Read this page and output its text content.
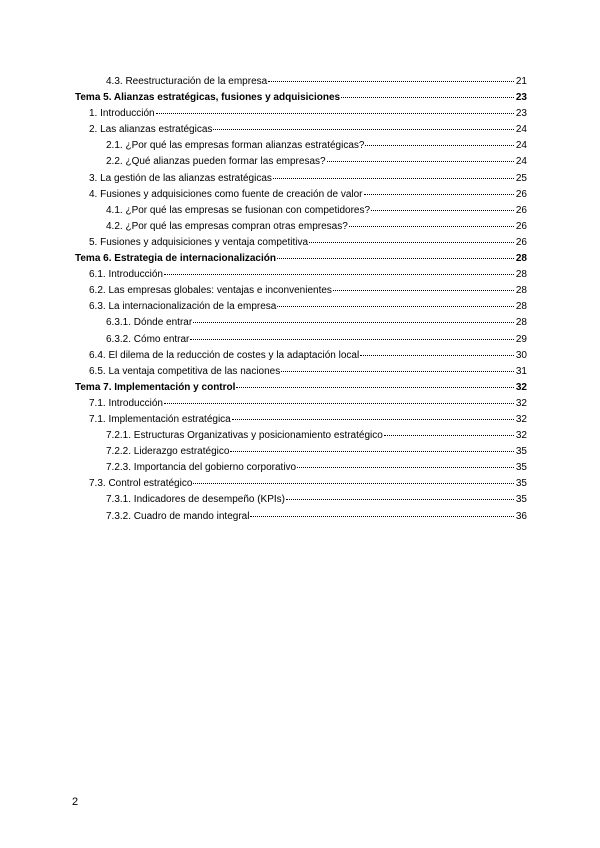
4.3. Reestructuración de la empresa	21
Tema 5. Alianzas estratégicas, fusiones y adquisiciones	23
1. Introducción	23
2. Las alianzas estratégicas	24
2.1. ¿Por qué las empresas forman alianzas estratégicas?	24
2.2. ¿Qué alianzas pueden formar las empresas?	24
3. La gestión de las alianzas estratégicas	25
4. Fusiones y adquisiciones como fuente de creación de valor	26
4.1. ¿Por qué las empresas se fusionan con competidores?	26
4.2. ¿Por qué las empresas compran otras empresas?	26
5. Fusiones y adquisiciones y ventaja competitiva	26
Tema 6. Estrategia de internacionalización	28
6.1. Introducción	28
6.2. Las empresas globales: ventajas e inconvenientes	28
6.3. La internacionalización de la empresa	28
6.3.1. Dónde entrar	28
6.3.2. Cómo entrar	29
6.4. El dilema de la reducción de costes y la adaptación local	30
6.5. La ventaja competitiva de las naciones	31
Tema 7. Implementación y control	32
7.1. Introducción	32
7.1. Implementación estratégica	32
7.2.1. Estructuras Organizativas y posicionamiento estratégico	32
7.2.2. Liderazgo estratégico	35
7.2.3. Importancia del gobierno corporativo	35
7.3. Control estratégico	35
7.3.1. Indicadores de desempeño (KPIs)	35
7.3.2. Cuadro de mando integral	36
2
